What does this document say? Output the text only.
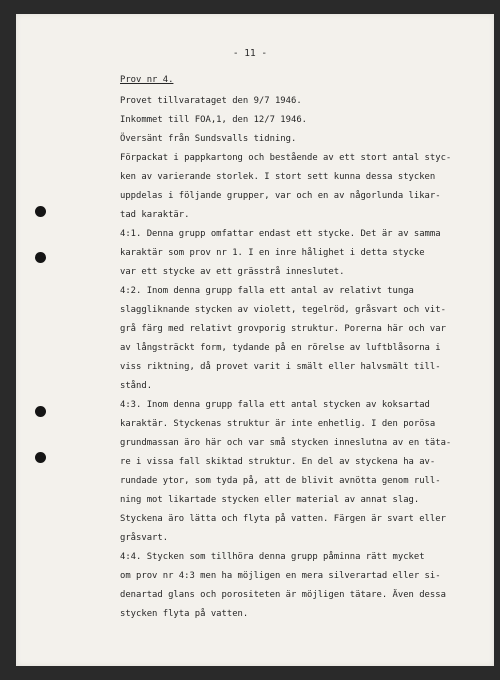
- 11 -
Prov nr 4.
Provet tillvarataget den 9/7 1946.
Inkommet till FOA,1, den 12/7 1946.
Översänt från Sundsvalls tidning.
Förpackat i pappkartong och bestående av ett stort antal styc-
ken av varierande storlek. I stort sett kunna dessa stycken
uppdelas i följande grupper, var och en av någorlunda likar-
tad karaktär.
4:1. Denna grupp omfattar endast ett stycke. Det är av samma
karaktär som prov nr 1. I en inre hålighet i detta stycke
var ett stycke av ett grässtrå inneslutet.
4:2. Inom denna grupp falla ett antal av relativt tunga
slaggliknande stycken av violett, tegelröd, gråsvart och vit-
grå färg med relativt grovporig struktur. Porerna här och var
av långsträckt form, tydande på en rörelse av luftblåsorna i
viss riktning, då provet varit i smält eller halvsmält till-
stånd.
4:3. Inom denna grupp falla ett antal stycken av koksartad
karaktär. Styckenas struktur är inte enhetlig. I den porösa
grundmassan äro här och var små stycken inneslutna av en täta-
re i vissa fall skiktad struktur. En del av styckena ha av-
rundade ytor, som tyda på, att de blivit avnötta genom rull-
ning mot likartade stycken eller material av annat slag.
Styckena äro lätta och flyta på vatten. Färgen är svart eller
gråsvart.
4:4. Stycken som tillhöra denna grupp påminna rätt mycket
om prov nr 4:3 men ha möjligen en mera silverartad eller si-
denartad glans och porositeten är möjligen tätare. Även dessa
stycken flyta på vatten.
